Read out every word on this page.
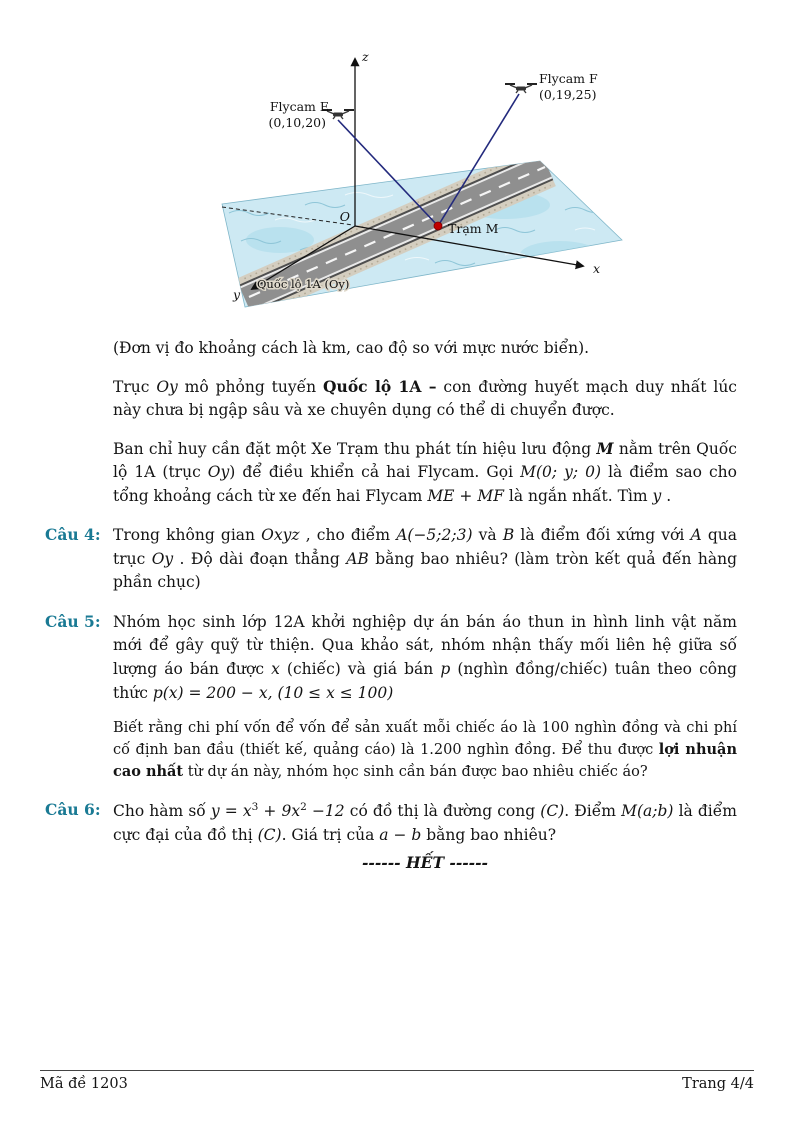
z
x
y
O
Flycam E
(0,10,20)
Flycam F
(0,19,25)
Trạm M
Quốc lộ 1A (Oy)

(Đơn vị đo khoảng cách là km, cao độ so với mực nước biển).

Trục Oy mô phỏng tuyến Quốc lộ 1A – con đường huyết mạch duy nhất lúc này chưa bị ngập sâu và xe chuyên dụng có thể di chuyển được.

Ban chỉ huy cần đặt một Xe Trạm thu phát tín hiệu lưu động M nằm trên Quốc lộ 1A (trục Oy) để điều khiển cả hai Flycam. Gọi M(0; y; 0) là điểm sao cho tổng khoảng cách từ xe đến hai Flycam ME + MF là ngắn nhất. Tìm y .

Câu 4: Trong không gian Oxyz , cho điểm A(−5;2;3) và B là điểm đối xứng với A qua trục Oy . Độ dài đoạn thẳng AB bằng bao nhiêu? (làm tròn kết quả đến hàng phần chục)

Câu 5: Nhóm học sinh lớp 12A khởi nghiệp dự án bán áo thun in hình linh vật năm mới để gây quỹ từ thiện. Qua khảo sát, nhóm nhận thấy mối liên hệ giữa số lượng áo bán được x (chiếc) và giá bán p (nghìn đồng/chiếc) tuân theo công thức p(x) = 200 − x, (10 ≤ x ≤ 100)

Biết rằng chi phí vốn để vốn để sản xuất mỗi chiếc áo là 100 nghìn đồng và chi phí cố định ban đầu (thiết kế, quảng cáo) là 1.200 nghìn đồng. Để thu được lợi nhuận cao nhất từ dự án này, nhóm học sinh cần bán được bao nhiêu chiếc áo?

Câu 6: Cho hàm số $y = x^3 + 9x^2 -12$ có đồ thị là đường cong (C). Điểm M(a;b) là điểm cực đại của đồ thị (C). Giá trị của a − b bằng bao nhiêu?

------ HẾT ------

Mã đề 1203	Trang 4/4
